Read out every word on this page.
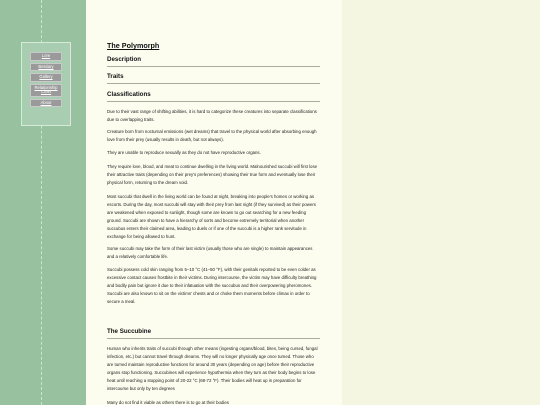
Lore
Bestiary
Gallery
Relationship Chart
About
The Polymorph
Description
Traits
Classifications

Due to their vast range of shifting abilities, it is hard to categorize these creatures into separate classifications due to overlapping traits.

Creature born from nocturnal emissions (wet dreams) that travel to the physical world after absorbing enough love from their prey (usually results in death, but not always).

They are unable to reproduce sexually as they do not have reproductive organs.

They require love, blood, and meat to continue dwelling in the living world. Malnourished succubi will first lose their attractive traits (depending on their prey's preferences) showing their true form and eventually lose their physical form, returning to the dream void.

Most succubi that dwell in the living world can be found at night, breaking into people's homes or working as escorts. During the day, most succubi will stay with their prey from last night (if they survived) as their powers are weakened when exposed to sunlight, though some are known to go out searching for a new feeding ground. Succubi are shown to have a hierarchy of sorts and become extremely territorial when another succubus enters their claimed area, leading to duels or if one of the succubi is a higher rank servitude in exchange for being allowed to hunt.

Some succubi may take the form of their last victim (usually those who are single) to maintain appearances and a relatively comfortable life.

Succubi possess cold skin ranging from 5–10 °C (41–50 °F), with their genitals reported to be even colder as excessive contact causes frostbite in their victims. During intercourse, the victim may have difficulty breathing and bodily pain but ignore it due to their infatuation with the succubus and their overpowering pheromones. Succubi are also known to sit on the victims' chests and or choke them moments before climax in order to secure a meal.

The Succubine

Human who inherits traits of succubi through other means (ingesting organs/blood, bites, being cursed, fungal infection, etc.) but cannot travel through dreams. They will no longer physically age once turned. Those who are turned maintain reproductive functions for around 30 years (depending on age) before their reproductive organs stop functioning. Succubines will experience hypothermia when they turn as their body begins to lose heat until reaching a stopping point of 20-22 °C (68-72 °F). Their bodies will heat up in preparation for intercourse but only by ten degrees

Many do not find it viable as others there is to go at their bodies
